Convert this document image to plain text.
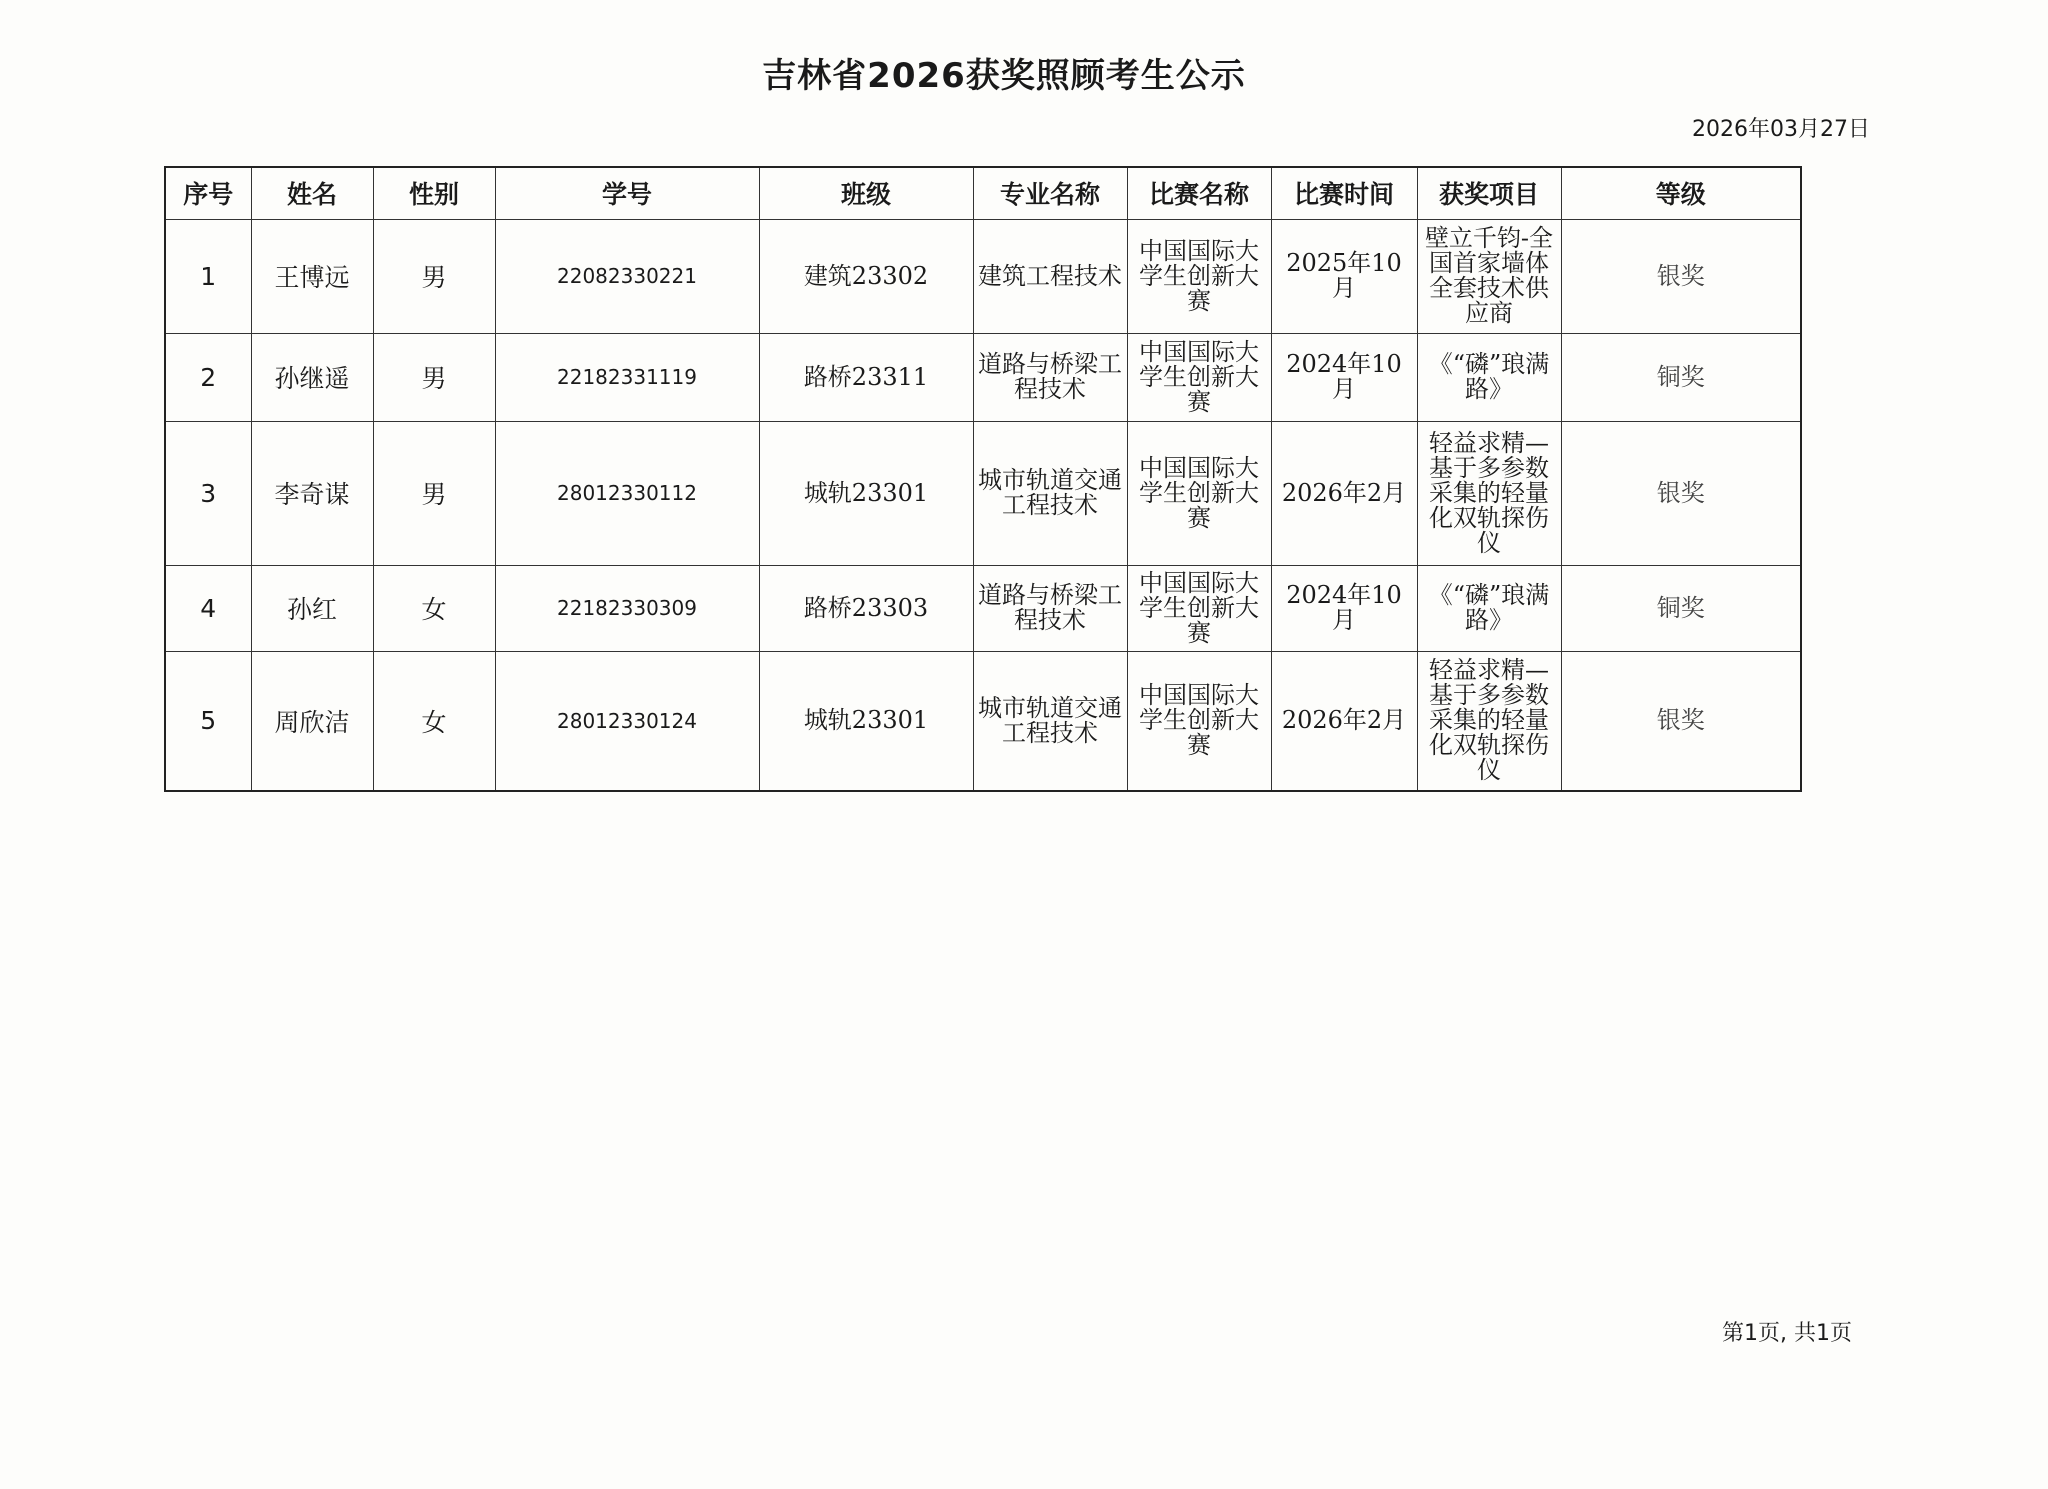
吉林省2026获奖照顾考生公示
2026年03月27日
序号	姓名	性别	学号	班级	专业名称	比赛名称	比赛时间	获奖项目	等级
1	王博远	男	22082330221	建筑23302	建筑工程技术	中国国际大学生创新大赛	2025年10月	壁立千钧-全国首家墙体全套技术供应商	银奖
2	孙继遥	男	22182331119	路桥23311	道路与桥梁工程技术	中国国际大学生创新大赛	2024年10月	《“磷”琅满路》	铜奖
3	李奇谋	男	28012330112	城轨23301	城市轨道交通工程技术	中国国际大学生创新大赛	2026年2月	轻益求精—基于多参数采集的轻量化双轨探伤仪	银奖
4	孙红	女	22182330309	路桥23303	道路与桥梁工程技术	中国国际大学生创新大赛	2024年10月	《“磷”琅满路》	铜奖
5	周欣洁	女	28012330124	城轨23301	城市轨道交通工程技术	中国国际大学生创新大赛	2026年2月	轻益求精—基于多参数采集的轻量化双轨探伤仪	银奖
第1页, 共1页
